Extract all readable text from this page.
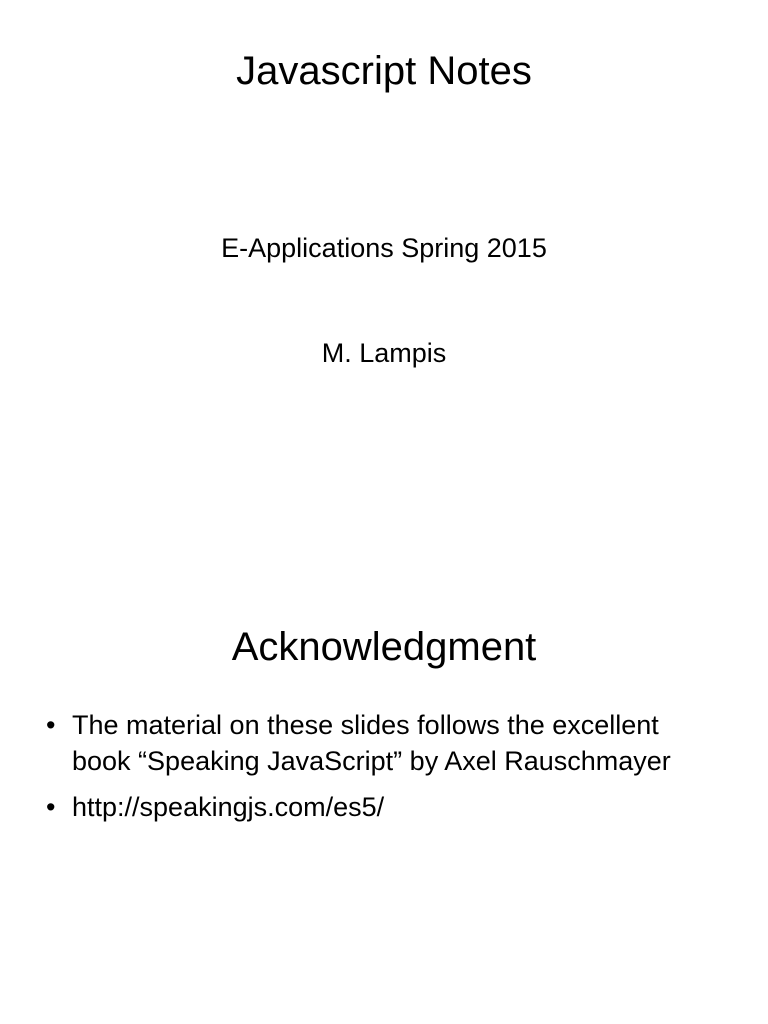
Javascript Notes
E-Applications Spring 2015
M. Lampis
Acknowledgment
• The material on these slides follows the excellent book “Speaking JavaScript” by Axel Rauschmayer
• http://speakingjs.com/es5/
